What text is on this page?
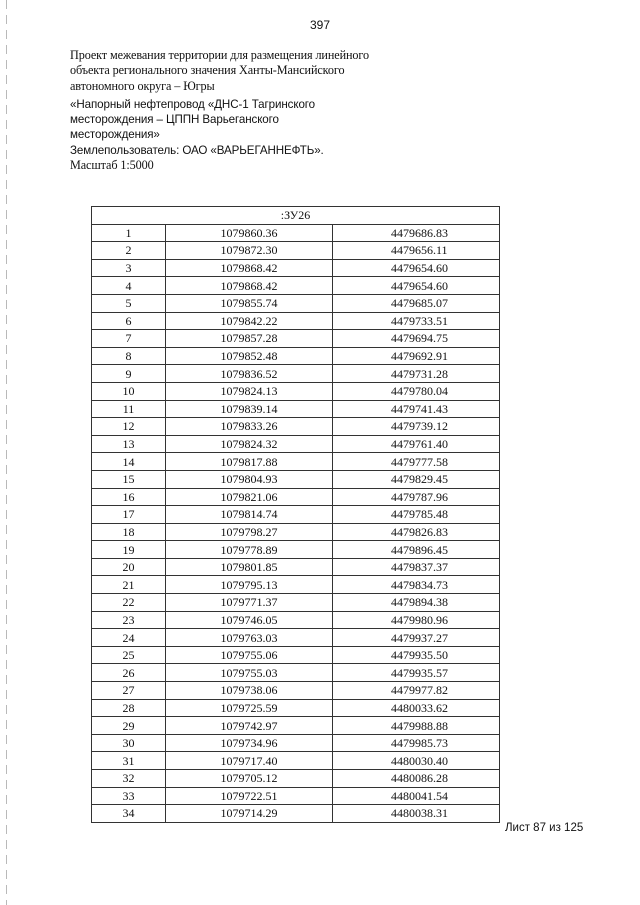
397
Проект межевания территории для размещения линейного
объекта регионального значения Ханты-Мансийского
автономного округа – Югры
«Напорный нефтепровод «ДНС-1 Тагринского
месторождения – ЦППН Варьеганского
месторождения»
Землепользователь: ОАО «ВАРЬЕГАННЕФТЬ».
Масштаб 1:5000
:ЗУ26		
1	1079860.36	4479686.83
2	1079872.30	4479656.11
3	1079868.42	4479654.60
4	1079868.42	4479654.60
5	1079855.74	4479685.07
6	1079842.22	4479733.51
7	1079857.28	4479694.75
8	1079852.48	4479692.91
9	1079836.52	4479731.28
10	1079824.13	4479780.04
11	1079839.14	4479741.43
12	1079833.26	4479739.12
13	1079824.32	4479761.40
14	1079817.88	4479777.58
15	1079804.93	4479829.45
16	1079821.06	4479787.96
17	1079814.74	4479785.48
18	1079798.27	4479826.83
19	1079778.89	4479896.45
20	1079801.85	4479837.37
21	1079795.13	4479834.73
22	1079771.37	4479894.38
23	1079746.05	4479980.96
24	1079763.03	4479937.27
25	1079755.06	4479935.50
26	1079755.03	4479935.57
27	1079738.06	4479977.82
28	1079725.59	4480033.62
29	1079742.97	4479988.88
30	1079734.96	4479985.73
31	1079717.40	4480030.40
32	1079705.12	4480086.28
33	1079722.51	4480041.54
34	1079714.29	4480038.31
Лист 87 из 125
